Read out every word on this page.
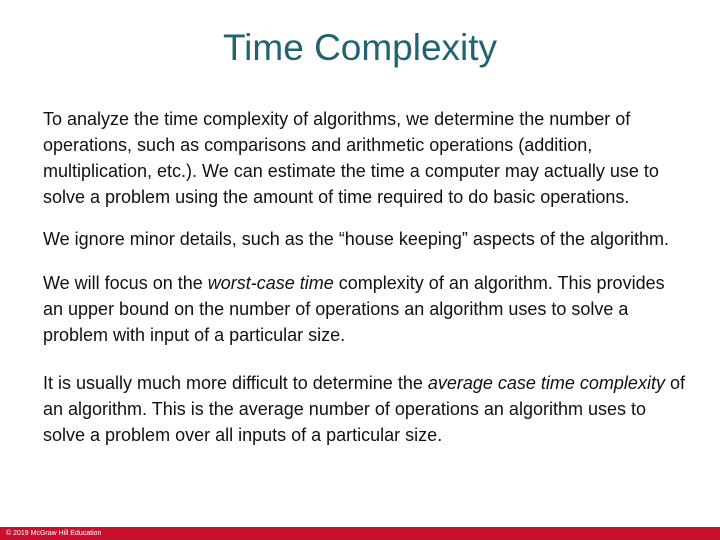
Time Complexity

To analyze the time complexity of algorithms, we determine the number of operations, such as comparisons and arithmetic operations (addition, multiplication, etc.). We can estimate the time a computer may actually use to solve a problem using the amount of time required to do basic operations.

We ignore minor details, such as the “house keeping” aspects of the algorithm.

We will focus on the worst-case time complexity of an algorithm. This provides an upper bound on the number of operations an algorithm uses to solve a problem with input of a particular size.

It is usually much more difficult to determine the average case time complexity of an algorithm. This is the average number of operations an algorithm uses to solve a problem over all inputs of a particular size.

© 2019 McGraw Hill Education
